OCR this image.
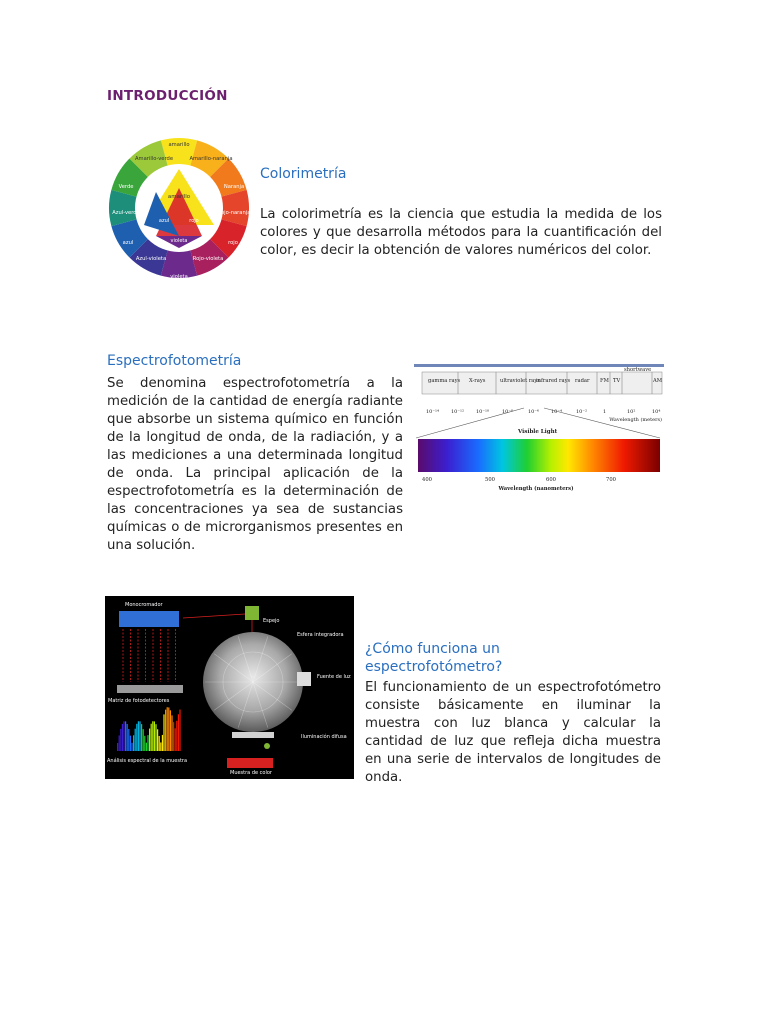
INTRODUCCIÓN
amarillo
azul	rojo
violeta
amarillo
Amarillo-verde	Amarillo-naranja
Verde	Naranja
Azul-verde	Rojo-naranja
azul	rojo
Azul-violeta	Rojo-violeta
violeta
Colorimetría

La colorimetría es la ciencia que estudia la medida de los colores y que desarrolla métodos para la cuantificación del color, es decir la obtención de valores numéricos del color.

Espectrofotometría

Se denomina espectrofotometría a la medición de la cantidad de energía radiante que absorbe un sistema químico en función de la longitud de onda, de la radiación, y a las mediciones a una determinada longitud de onda. La principal aplicación de la espectrofotometría es la determinación de las concentraciones ya sea de sustancias químicas o de microrganismos presentes en una solución.

gamma rays X-rays	ultraviolet rays
infrared rays radar FM TV
shortwave
AM
10⁻¹⁴ 10⁻¹² 10⁻¹⁰	10⁻⁸	10⁻⁶ 10⁻⁴	10⁻²	1	10²	10⁴
Wavelength (meters)
Visible Light
400	500	600	700
Wavelength (nanometers)
Monocromador
Espejo
Esfera integradora
Fuente de luz
Matriz de fotodetectores
Iluminación difusa
Análisis espectral de la muestra
Muestra de color
¿Cómo funciona un espectrofotómetro?

El funcionamiento de un espectrofotómetro consiste básicamente en iluminar la muestra con luz blanca y calcular la cantidad de luz que refleja dicha muestra en una serie de intervalos de longitudes de onda.
